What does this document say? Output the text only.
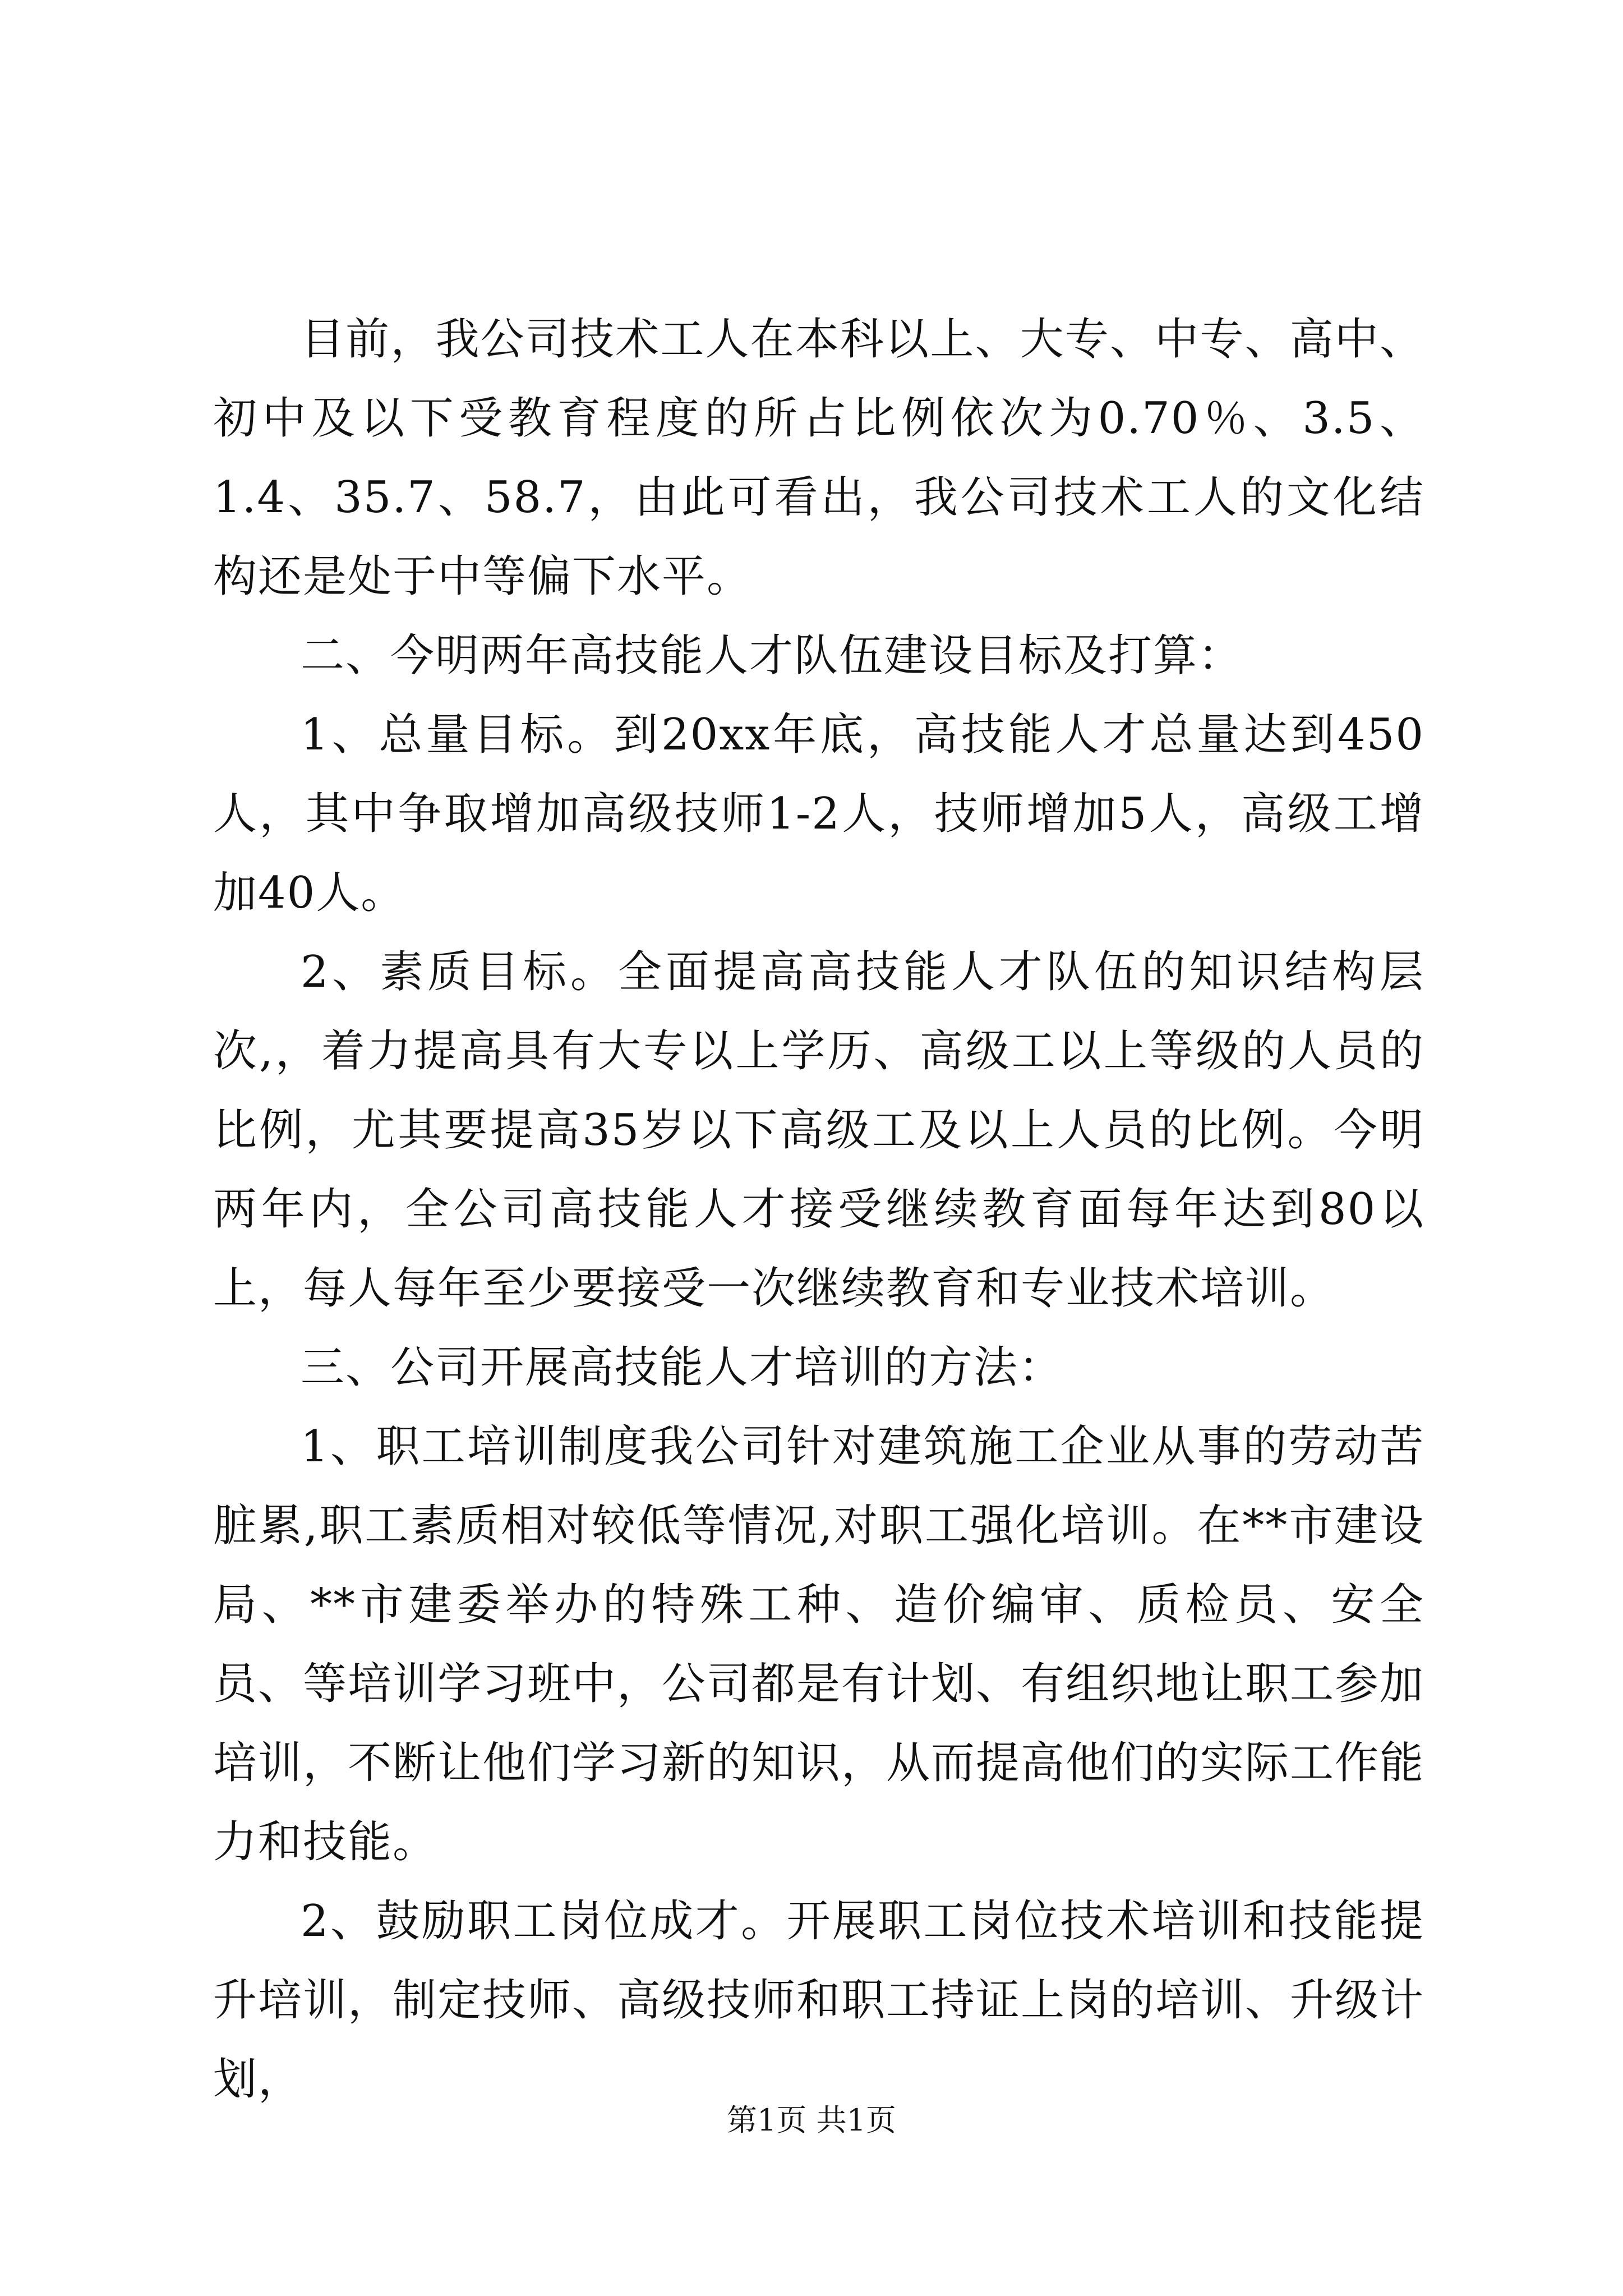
目前，我公司技术工人在本科以上、大专、中专、高中、初中及以下受教育程度的所占比例依次为0.70％、3.5、1.4、35.7、58.7，由此可看出，我公司技术工人的文化结构还是处于中等偏下水平。

二、今明两年高技能人才队伍建设目标及打算：

1、总量目标。到20xx年底，高技能人才总量达到450人，其中争取增加高级技师1-2人，技师增加5人，高级工增加40人。

2、素质目标。全面提高高技能人才队伍的知识结构层次,，着力提高具有大专以上学历、高级工以上等级的人员的比例，尤其要提高35岁以下高级工及以上人员的比例。今明两年内，全公司高技能人才接受继续教育面每年达到80以上，每人每年至少要接受一次继续教育和专业技术培训。

三、公司开展高技能人才培训的方法：

1、职工培训制度我公司针对建筑施工企业从事的劳动苦脏累,职工素质相对较低等情况,对职工强化培训。在**市建设局、**市建委举办的特殊工种、造价编审、质检员、安全员、等培训学习班中，公司都是有计划、有组织地让职工参加培训，不断让他们学习新的知识，从而提高他们的实际工作能力和技能。

2、鼓励职工岗位成才。开展职工岗位技术培训和技能提升培训，制定技师、高级技师和职工持证上岗的培训、升级计划，

第1页 共1页
